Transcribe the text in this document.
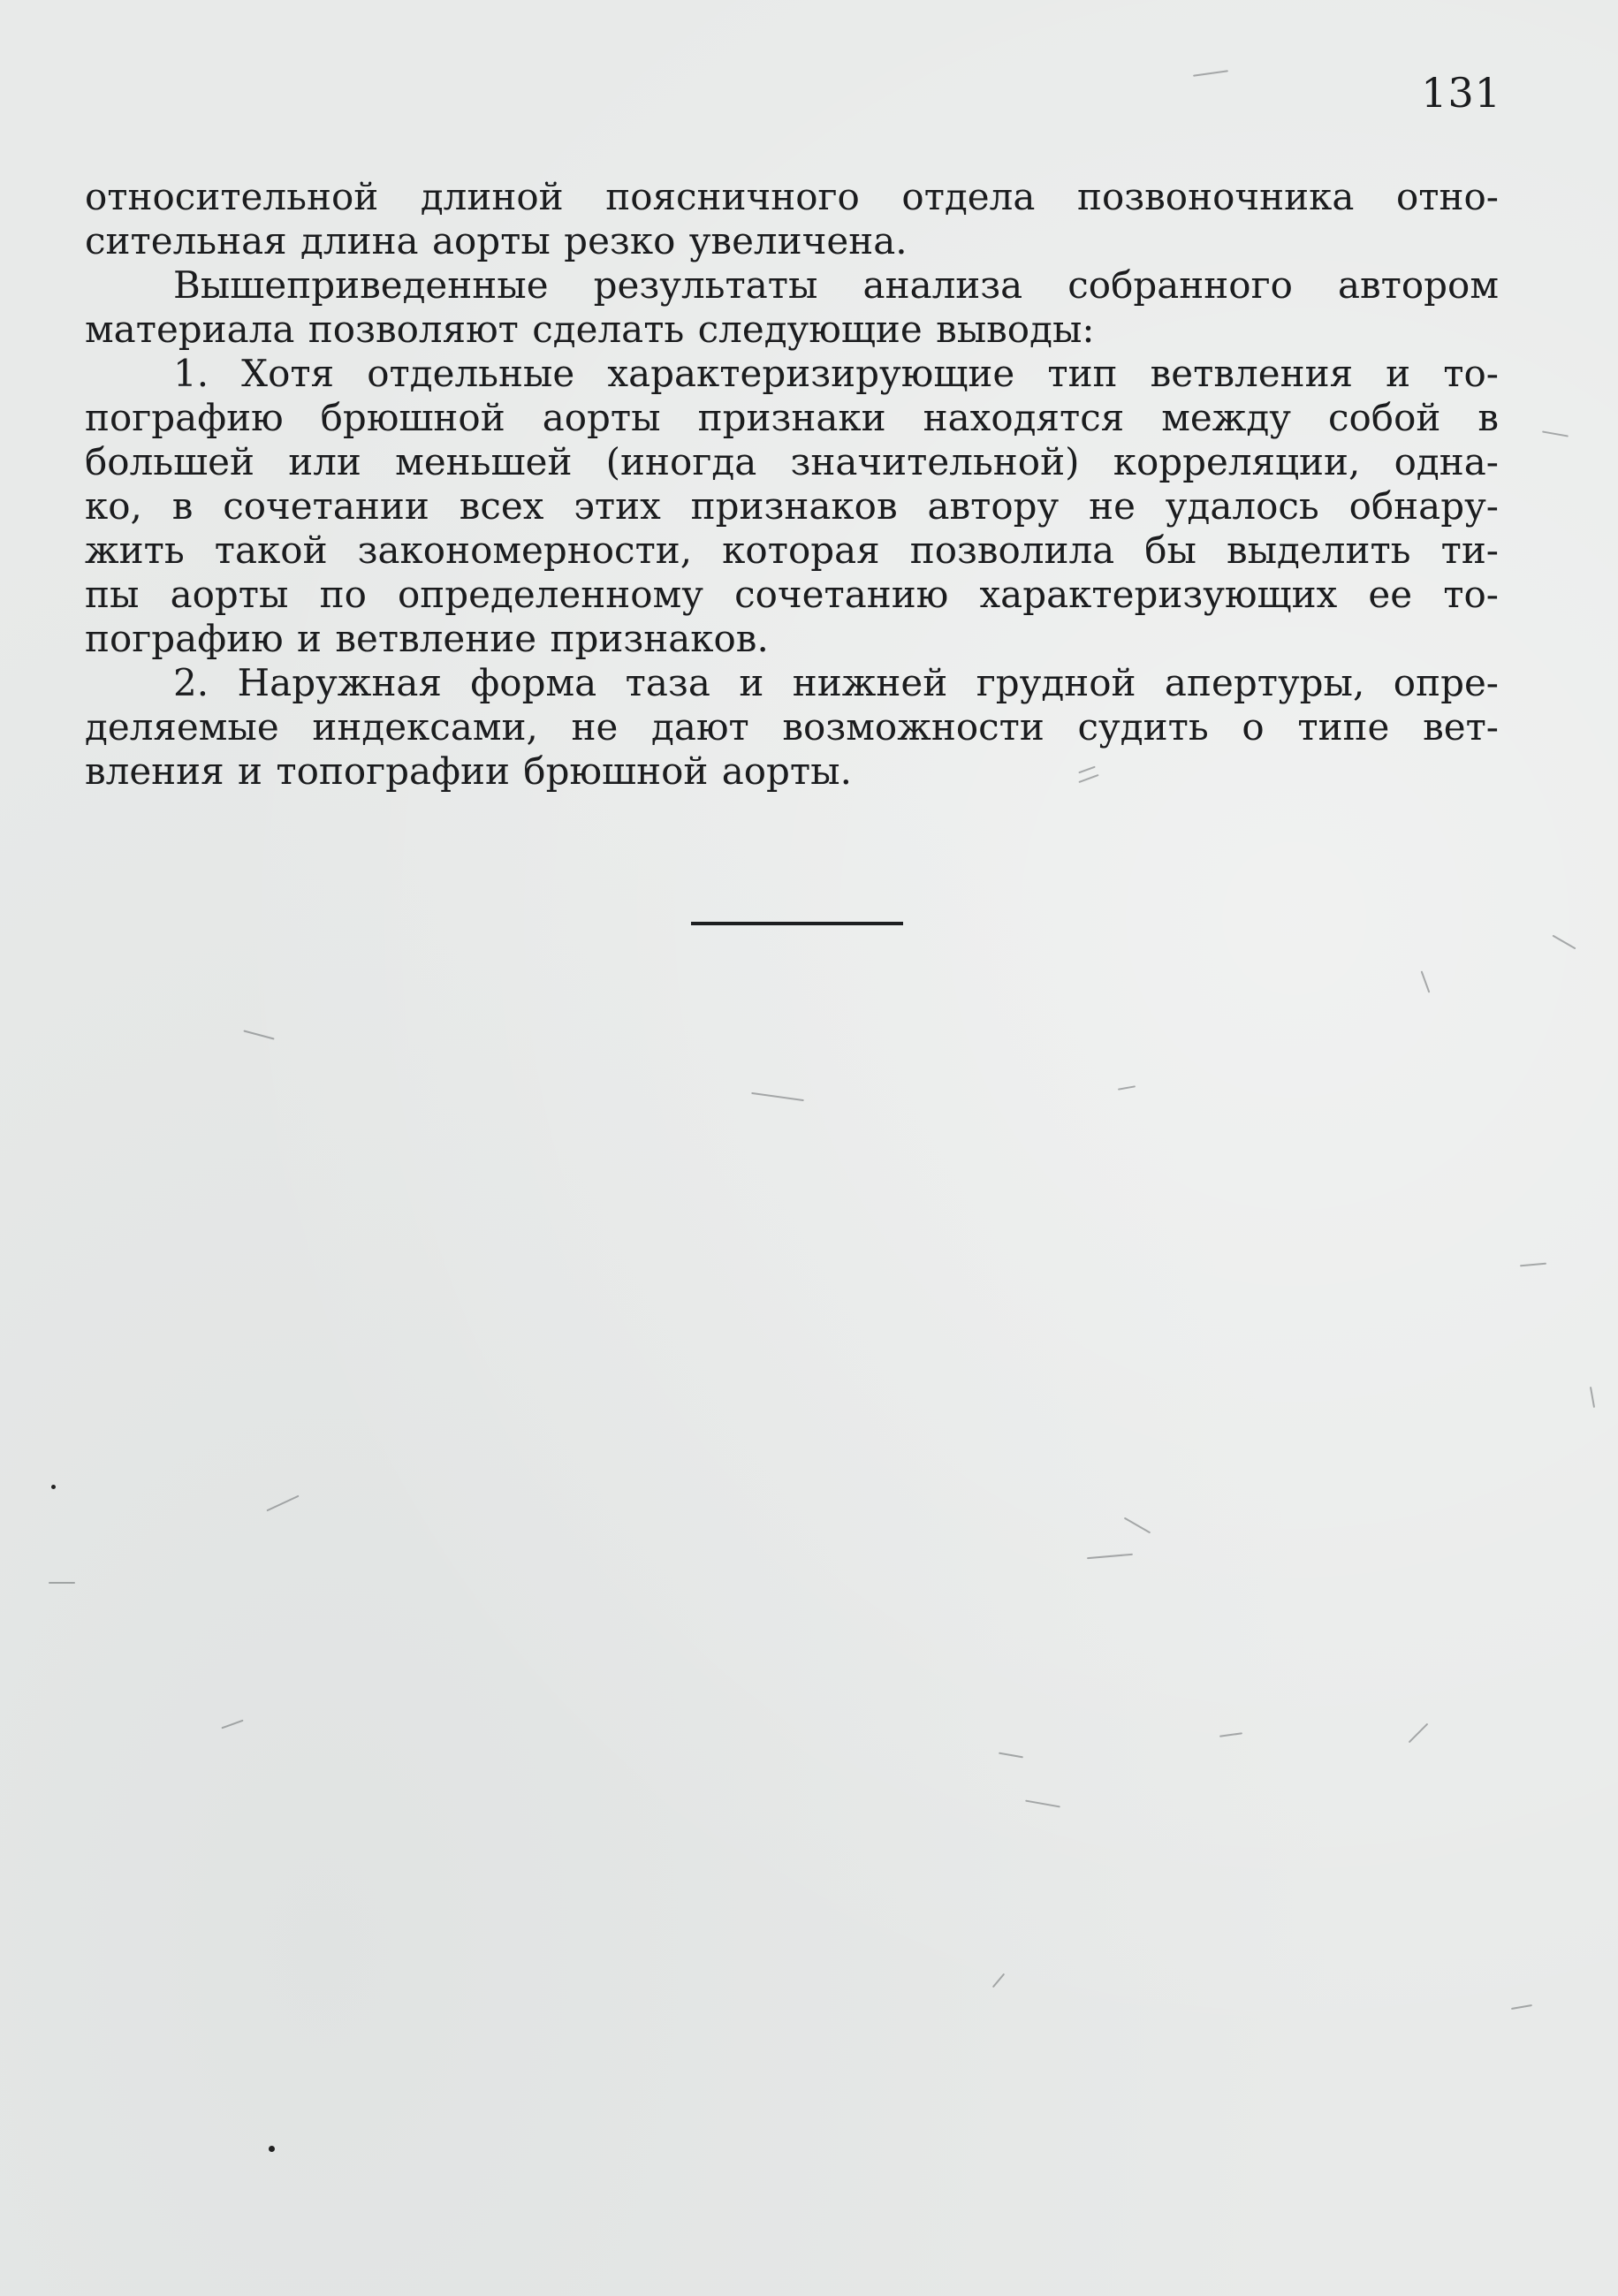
131

относительной длиной поясничного отдела позвоночника отно-
сительная длина аорты резко увеличена.

Вышеприведенные результаты анализа собранного автором
материала позволяют сделать следующие выводы:

1. Хотя отдельные характеризирующие тип ветвления и то-
пографию брюшной аорты признаки находятся между собой в
большей или меньшей (иногда значительной) корреляции, одна-
ко, в сочетании всех этих признаков автору не удалось обнару-
жить такой закономерности, которая позволила бы выделить ти-
пы аорты по определенному сочетанию характеризующих ее то-
пографию и ветвление признаков.

2. Наружная форма таза и нижней грудной апертуры, опре-
деляемые индексами, не дают возможности судить о типе вет-
вления и топографии брюшной аорты.
